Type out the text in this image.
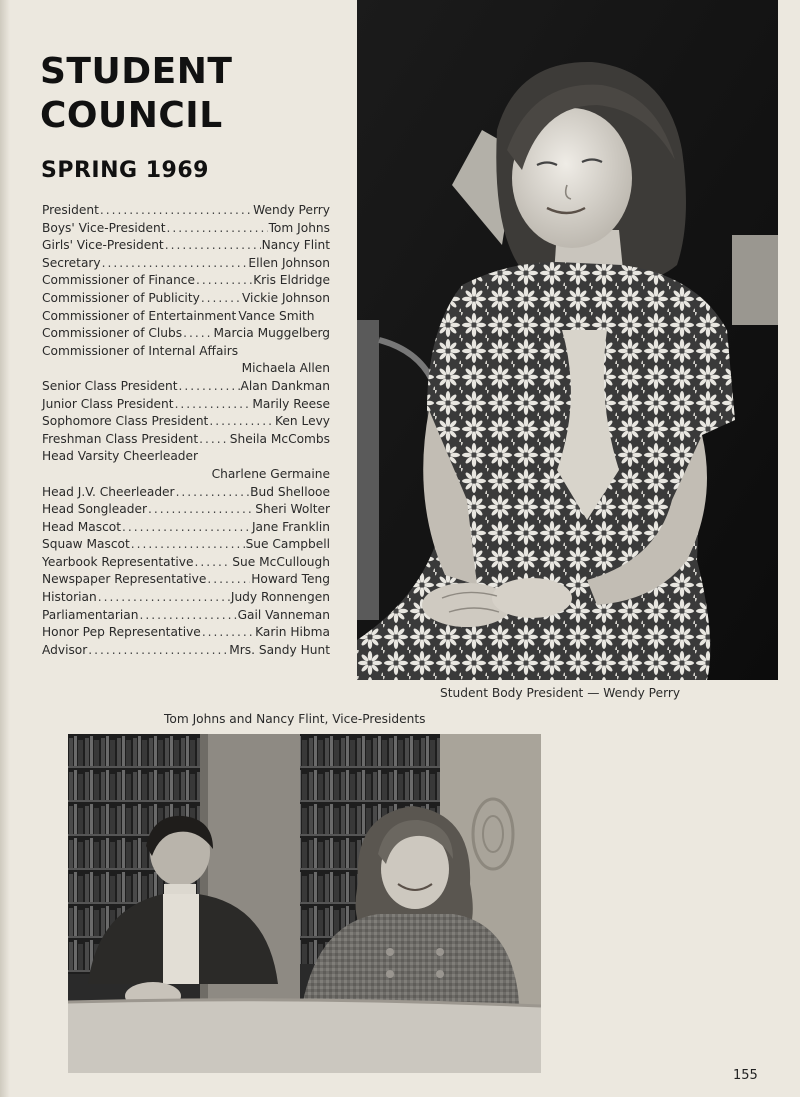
STUDENT
COUNCIL
SPRING 1969
President .....	Wendy Perry
Boys' Vice-President .....	Tom Johns
Girls' Vice-President .....	Nancy Flint
Secretary .....	Ellen Johnson
Commissioner of Finance .....	Kris Eldridge
Commissioner of Publicity .....	Vickie Johnson
Commissioner of Entertainment Vance Smith
Commissioner of Clubs .....	Marcia Muggelberg
Commissioner of Internal Affairs
Michaela Allen
Senior Class President .....	Alan Dankman
Junior Class President .....	Marily Reese
Sophomore Class President .....	Ken Levy
Freshman Class President .....	Sheila McCombs
Head Varsity Cheerleader
Charlene Germaine
Head J.V. Cheerleader .....	Bud Shellooe
Head Songleader .....	Sheri Wolter
Head Mascot .....	Jane Franklin
Squaw Mascot .....	Sue Campbell
Yearbook Representative .....	Sue McCullough
Newspaper Representative .....	Howard Teng
Historian .....	Judy Ronnengen
Parliamentarian .....	Gail Vanneman
Honor Pep Representative .....	Karin Hibma
Advisor .....	Mrs. Sandy Hunt
Student Body President — Wendy Perry
Tom Johns and Nancy Flint, Vice-Presidents
155
